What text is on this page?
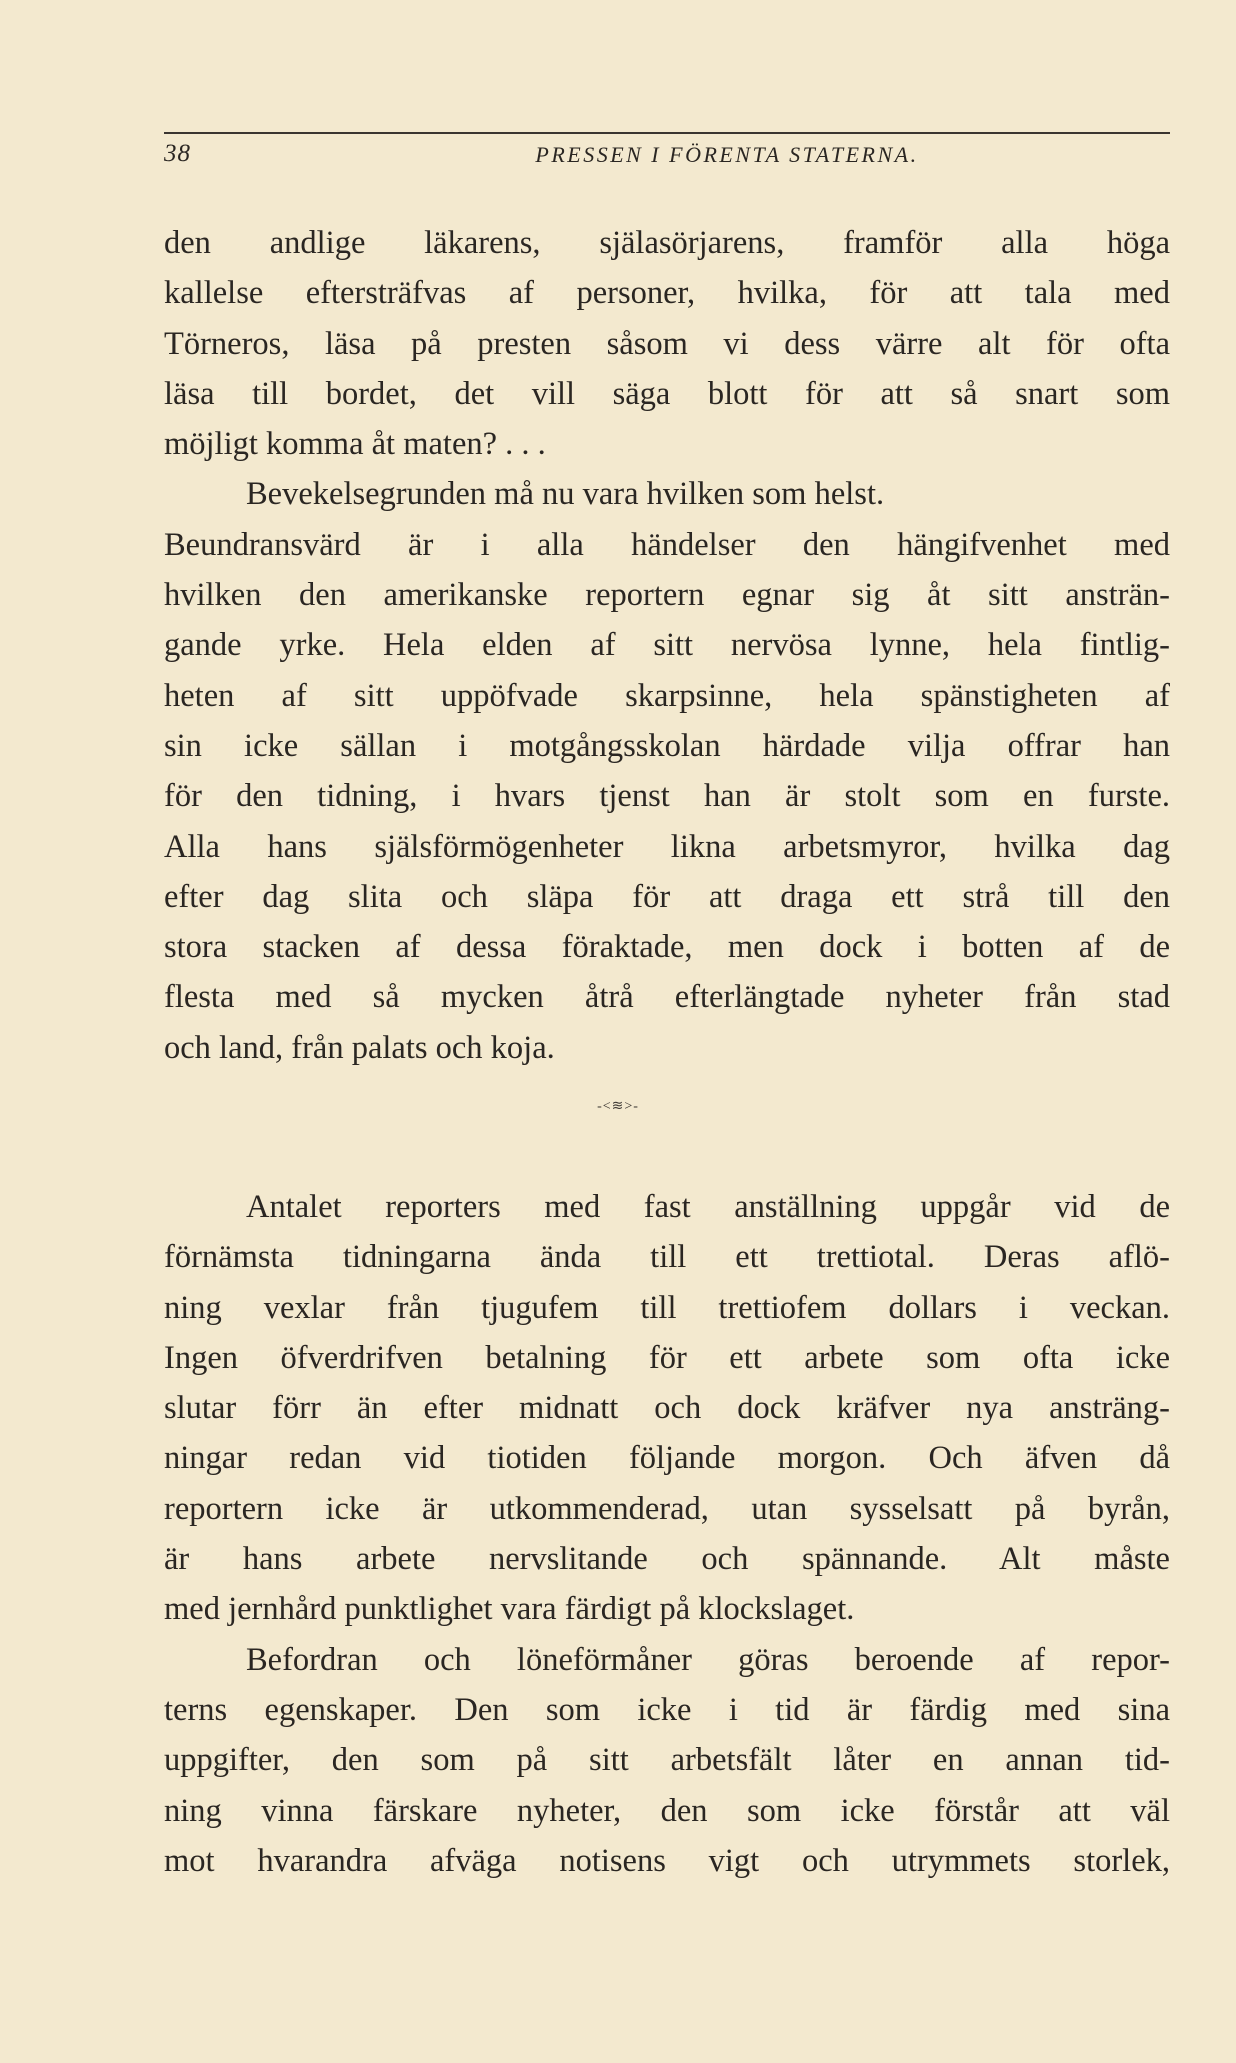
38	PRESSEN I FÖRENTA STATERNA.
den andlige läkarens, själasörjarens, framför alla höga
kallelse eftersträfvas af personer, hvilka, för att tala med
Törneros, läsa på presten såsom vi dess värre alt för ofta
läsa till bordet, det vill säga blott för att så snart som
möjligt komma åt maten? . . .
Bevekelsegrunden må nu vara hvilken som helst.
Beundransvärd är i alla händelser den hängifvenhet med
hvilken den amerikanske reportern egnar sig åt sitt ansträn-
gande yrke. Hela elden af sitt nervösa lynne, hela fintlig-
heten af sitt uppöfvade skarpsinne, hela spänstigheten af
sin icke sällan i motgångsskolan härdade vilja offrar han
för den tidning, i hvars tjenst han är stolt som en furste.
Alla hans själsförmögenheter likna arbetsmyror, hvilka dag
efter dag slita och släpa för att draga ett strå till den
stora stacken af dessa föraktade, men dock i botten af de
flesta med så mycken åtrå efterlängtade nyheter från stad
och land, från palats och koja.
-<≋>-
Antalet reporters med fast anställning uppgår vid de
förnämsta tidningarna ända till ett trettiotal. Deras aflö-
ning vexlar från tjugufem till trettiofem dollars i veckan.
Ingen öfverdrifven betalning för ett arbete som ofta icke
slutar förr än efter midnatt och dock kräfver nya ansträng-
ningar redan vid tiotiden följande morgon. Och äfven då
reportern icke är utkommenderad, utan sysselsatt på byrån,
är hans arbete nervslitande och spännande. Alt måste
med jernhård punktlighet vara färdigt på klockslaget.
Befordran och löneförmåner göras beroende af repor-
terns egenskaper. Den som icke i tid är färdig med sina
uppgifter, den som på sitt arbetsfält låter en annan tid-
ning vinna färskare nyheter, den som icke förstår att väl
mot hvarandra afväga notisens vigt och utrymmets storlek,
